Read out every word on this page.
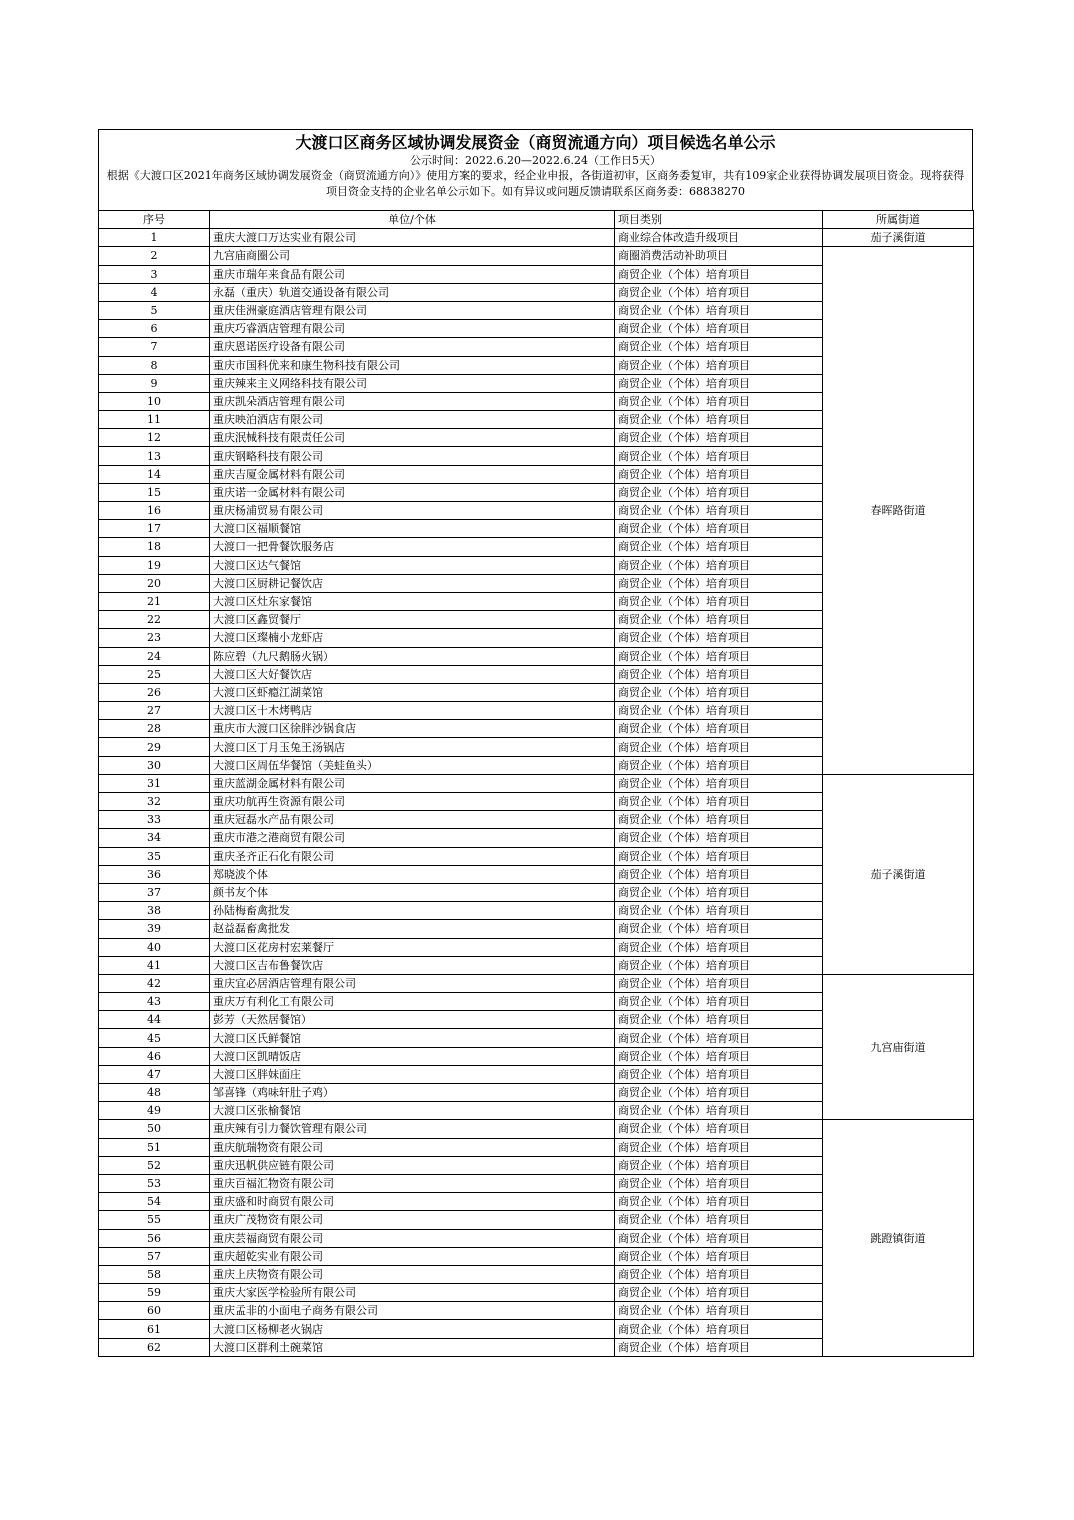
大渡口区商务区域协调发展资金（商贸流通方向）项目候选名单公示
公示时间：2022.6.20—2022.6.24（工作日5天）
根据《大渡口区2021年商务区域协调发展资金（商贸流通方向）》使用方案的要求，经企业申报，各街道初审，区商务委复审，共有109家企业获得协调发展项目资金。现将获得项目资金支持的企业名单公示如下。如有异议或问题反馈请联系区商务委：68838270
序号	单位/个体	项目类别	所属街道
1	重庆大渡口万达实业有限公司	商业综合体改造升级项目	茄子溪街道
2	九宫庙商圈公司	商圈消费活动补助项目	春晖路街道
3	重庆市瑞年来食品有限公司	商贸企业（个体）培育项目	
4	永磊（重庆）轨道交通设备有限公司	商贸企业（个体）培育项目	
5	重庆佳洲豪庭酒店管理有限公司	商贸企业（个体）培育项目	
6	重庆巧睿酒店管理有限公司	商贸企业（个体）培育项目	
7	重庆恩诺医疗设备有限公司	商贸企业（个体）培育项目	
8	重庆市国科优来和康生物科技有限公司	商贸企业（个体）培育项目	
9	重庆辣来主义网络科技有限公司	商贸企业（个体）培育项目	
10	重庆凯朵酒店管理有限公司	商贸企业（个体）培育项目	
11	重庆映泊酒店有限公司	商贸企业（个体）培育项目	
12	重庆泯械科技有限责任公司	商贸企业（个体）培育项目	
13	重庆钢略科技有限公司	商贸企业（个体）培育项目	
14	重庆吉厦金属材料有限公司	商贸企业（个体）培育项目	
15	重庆诺一金属材料有限公司	商贸企业（个体）培育项目	
16	重庆杨浦贸易有限公司	商贸企业（个体）培育项目	
17	大渡口区福顺餐馆	商贸企业（个体）培育项目	
18	大渡口一把骨餐饮服务店	商贸企业（个体）培育项目	
19	大渡口区达气餐馆	商贸企业（个体）培育项目	
20	大渡口区厨耕记餐饮店	商贸企业（个体）培育项目	
21	大渡口区灶东家餐馆	商贸企业（个体）培育项目	
22	大渡口区鑫贸餐厅	商贸企业（个体）培育项目	
23	大渡口区璨楠小龙虾店	商贸企业（个体）培育项目	
24	陈应碧（九尺鹅肠火锅）	商贸企业（个体）培育项目	
25	大渡口区大好餐饮店	商贸企业（个体）培育项目	
26	大渡口区虾瘾江湖菜馆	商贸企业（个体）培育项目	
27	大渡口区十木烤鸭店	商贸企业（个体）培育项目	
28	重庆市大渡口区徐胖沙锅食店	商贸企业（个体）培育项目	
29	大渡口区丁月玉兔王汤锅店	商贸企业（个体）培育项目	
30	大渡口区周伍华餐馆（美蛙鱼头）	商贸企业（个体）培育项目	
31	重庆蓝湖金属材料有限公司	商贸企业（个体）培育项目	茄子溪街道
32	重庆功航再生资源有限公司	商贸企业（个体）培育项目	
33	重庆冠磊水产品有限公司	商贸企业（个体）培育项目	
34	重庆市港之港商贸有限公司	商贸企业（个体）培育项目	
35	重庆圣齐正石化有限公司	商贸企业（个体）培育项目	
36	郑晓波个体	商贸企业（个体）培育项目	
37	颜书友个体	商贸企业（个体）培育项目	
38	孙陆梅畜禽批发	商贸企业（个体）培育项目	
39	赵益磊畜禽批发	商贸企业（个体）培育项目	
40	大渡口区花房村宏莱餐厅	商贸企业（个体）培育项目	
41	大渡口区吉布鲁餐饮店	商贸企业（个体）培育项目	
42	重庆宜必居酒店管理有限公司	商贸企业（个体）培育项目	九宫庙街道
43	重庆万有利化工有限公司	商贸企业（个体）培育项目	
44	彭芳（天然居餐馆）	商贸企业（个体）培育项目	
45	大渡口区氏鲜餐馆	商贸企业（个体）培育项目	
46	大渡口区凯晴饭店	商贸企业（个体）培育项目	
47	大渡口区胖妹面庄	商贸企业（个体）培育项目	
48	邹喜锋（鸡味轩肚子鸡）	商贸企业（个体）培育项目	
49	大渡口区张榆餐馆	商贸企业（个体）培育项目	
50	重庆辣有引力餐饮管理有限公司	商贸企业（个体）培育项目	跳蹬镇街道
51	重庆航瑞物资有限公司	商贸企业（个体）培育项目	
52	重庆迅帆供应链有限公司	商贸企业（个体）培育项目	
53	重庆百福汇物资有限公司	商贸企业（个体）培育项目	
54	重庆盛和时商贸有限公司	商贸企业（个体）培育项目	
55	重庆广茂物资有限公司	商贸企业（个体）培育项目	
56	重庆芸福商贸有限公司	商贸企业（个体）培育项目	
57	重庆超乾实业有限公司	商贸企业（个体）培育项目	
58	重庆上庆物资有限公司	商贸企业（个体）培育项目	
59	重庆大家医学检验所有限公司	商贸企业（个体）培育项目	
60	重庆孟非的小面电子商务有限公司	商贸企业（个体）培育项目	
61	大渡口区杨柳老火锅店	商贸企业（个体）培育项目	
62	大渡口区群利土碗菜馆	商贸企业（个体）培育项目	
